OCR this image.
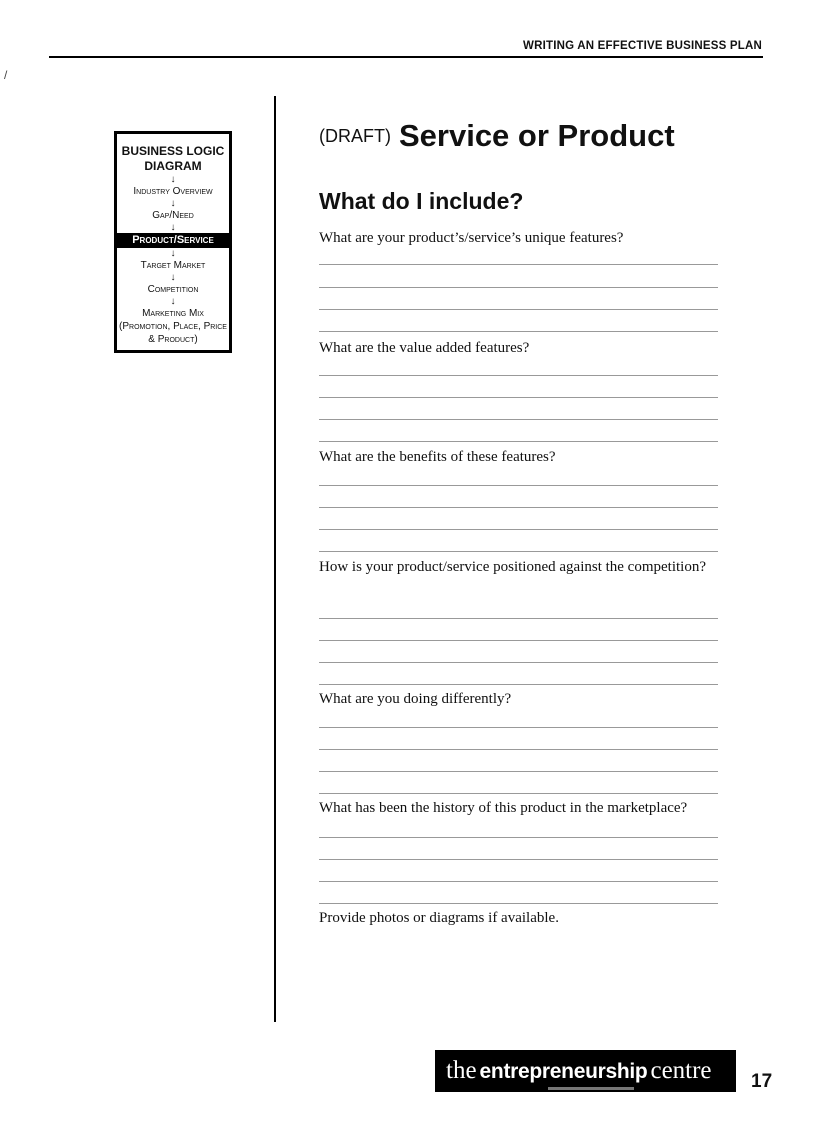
WRITING AN EFFECTIVE BUSINESS PLAN
/
BUSINESS LOGIC DIAGRAM
↓
Industry Overview
↓
Gap/Need
↓
Product/Service
↓
Target Market
↓
Competition
↓
Marketing Mix (Promotion, Place, Price & Product)
(DRAFT) Service or Product
What do I include?
What are your product’s/service’s unique features?
What are the value added features?
What are the benefits of these features?
How is your product/service positioned against the competition?
What are you doing differently?
What has been the history of this product in the marketplace?
Provide photos or diagrams if available.
the entrepreneurship centre 17
